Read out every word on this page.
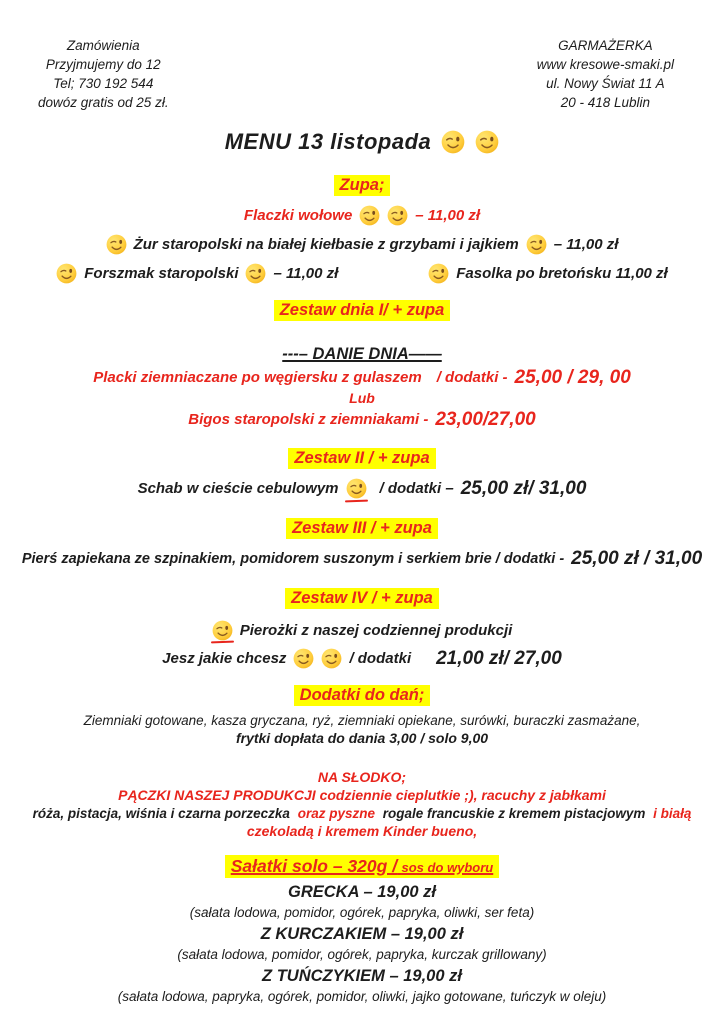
Zamówienia
Przyjmujemy do 12
Tel; 730 192 544
dowóz gratis od 25 zł.
GARMAŻERKA
www kresowe-smaki.pl
ul. Nowy Świat 11 A
20 - 418 Lublin
MENU 13 listopada
Zupa;
Flaczki wołowe	– 11,00 zł
Żur staropolski na białej kiełbasie z grzybami i jajkiem – 11,00 zł
Forszmak staropolski – 11,00 zł	Fasolka po bretońsku 11,00 zł
Zestaw dnia I/ + zupa
---– DANIE DNIA——
Placki ziemniaczane po węgiersku z gulaszem / dodatki - 25,00 / 29, 00
Lub
Bigos staropolski z ziemniakami - 23,00/27,00
Zestaw II / + zupa
Schab w cieście cebulowym	/ dodatki – 25,00 zł/ 31,00
Zestaw III / + zupa
Pierś zapiekana ze szpinakiem, pomidorem suszonym i serkiem brie / dodatki - 25,00 zł / 31,00
Zestaw IV / + zupa
Pierożki z naszej codziennej produkcji
Jesz jakie chcesz	/ dodatki 21,00 zł/ 27,00
Dodatki do dań;
Ziemniaki gotowane, kasza gryczana, ryż, ziemniaki opiekane, surówki, buraczki zasmażane,
frytki dopłata do dania 3,00 / solo 9,00
NA SŁODKO;
PĄCZKI NASZEJ PRODUKCJI codziennie cieplutkie ;), racuchy z jabłkami
róża, pistacja, wiśnia i czarna porzeczka oraz pyszne rogale francuskie z kremem pistacjowym i białą
czekoladą i kremem Kinder bueno,
Sałatki solo – 320g / sos do wyboru
GRECKA – 19,00 zł
(sałata lodowa, pomidor, ogórek, papryka, oliwki, ser feta)
Z KURCZAKIEM – 19,00 zł
(sałata lodowa, pomidor, ogórek, papryka, kurczak grillowany)
Z TUŃCZYKIEM – 19,00 zł
(sałata lodowa, papryka, ogórek, pomidor, oliwki, jajko gotowane, tuńczyk w oleju)
